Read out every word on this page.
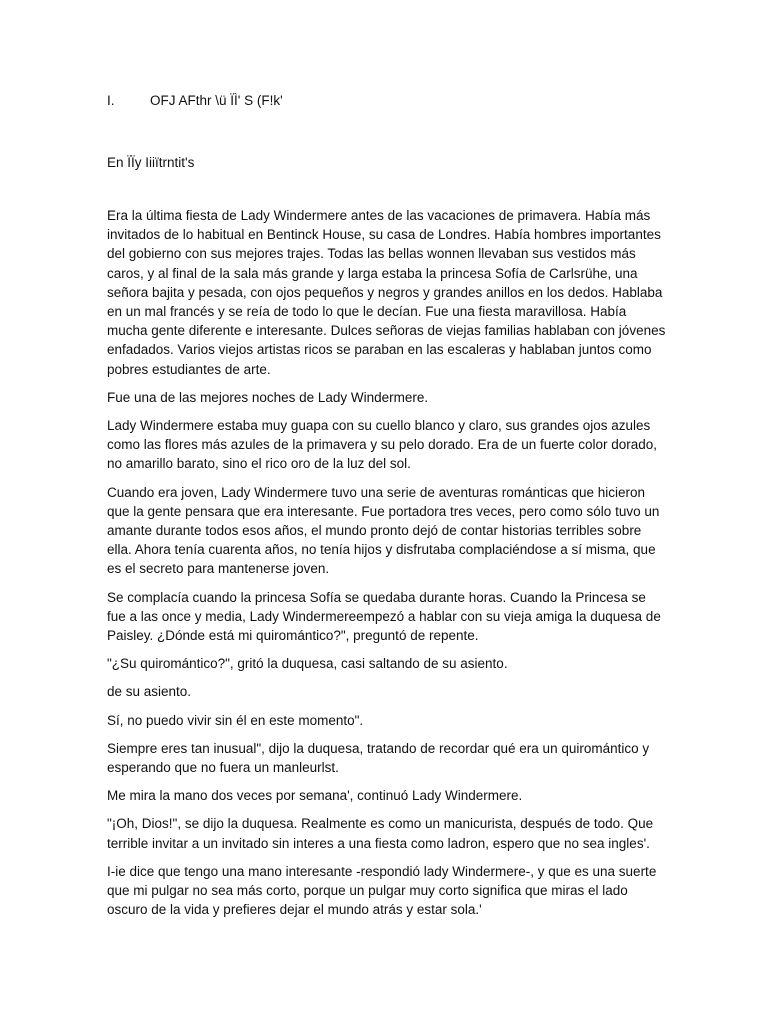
I.	OFJ AFthr \ü ÏÌ' S (F!k'
En ÏÏy Iiiïtrntit's

Era la última fiesta de Lady Windermere antes de las vacaciones de primavera. Había más invitados de lo habitual en Bentinck House, su casa de Londres. Había hombres importantes del gobierno con sus mejores trajes. Todas las bellas wonnen llevaban sus vestidos más caros, y al final de la sala más grande y larga estaba la princesa Sofía de Carlsrühe, una señora bajita y pesada, con ojos pequeños y negros y grandes anillos en los dedos. Hablaba en un mal francés y se reía de todo lo que le decían. Fue una fiesta maravillosa. Había mucha gente diferente e interesante. Dulces señoras de viejas familias hablaban con jóvenes enfadados. Varios viejos artistas ricos se paraban en las escaleras y hablaban juntos como pobres estudiantes de arte.

Fue una de las mejores noches de Lady Windermere.

Lady Windermere estaba muy guapa con su cuello blanco y claro, sus grandes ojos azules como las flores más azules de la primavera y su pelo dorado. Era de un fuerte color dorado, no amarillo barato, sino el rico oro de la luz del sol.

Cuando era joven, Lady Windermere tuvo una serie de aventuras románticas que hicieron que la gente pensara que era interesante. Fue portadora tres veces, pero como sólo tuvo un amante durante todos esos años, el mundo pronto dejó de contar historias terribles sobre ella. Ahora tenía cuarenta años, no tenía hijos y disfrutaba complaciéndose a sí misma, que es el secreto para mantenerse joven.

Se complacía cuando la princesa Sofía se quedaba durante horas. Cuando la Princesa se fue a las once y media, Lady Windermereempezó a hablar con su vieja amiga la duquesa de Paisley. ¿Dónde está mi quiromántico?", preguntó de repente.

"¿Su quiromántico?", gritó la duquesa, casi saltando de su asiento.

de su asiento.

Sí, no puedo vivir sin él en este momento".

Siempre eres tan inusual", dijo la duquesa, tratando de recordar qué era un quiromántico y esperando que no fuera un manleurlst.

Me mira la mano dos veces por semana', continuó Lady Windermere.

"¡Oh, Dios!", se dijo la duquesa. Realmente es como un manicurista, después de todo. Que terrible invitar a un invitado sin interes a una fiesta como ladron, espero que no sea ingles'.

I-ie dice que tengo una mano interesante -respondió lady Windermere-, y que es una suerte que mi pulgar no sea más corto, porque un pulgar muy corto significa que miras el lado oscuro de la vida y prefieres dejar el mundo atrás y estar sola.'
